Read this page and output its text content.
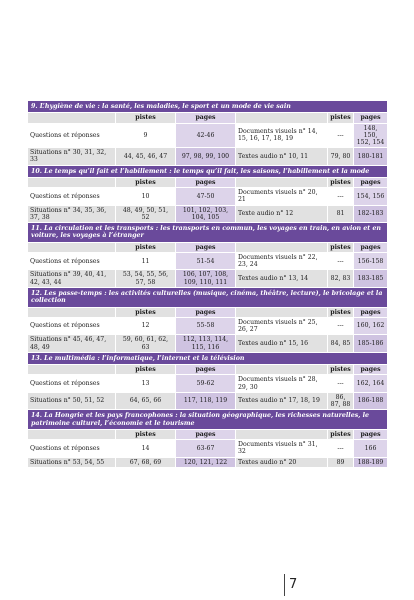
9. L’hygiène de vie : la santé, les maladies, le sport et un mode de vie sain					
	pistes	pages		pistes	pages
Questions et réponses	9	42-46	Documents visuels n° 14, 15, 16, 17, 18, 19	---	148, 150, 152, 154
Situations n° 30, 31, 32, 33	44, 45, 46, 47	97, 98, 99, 100	Textes audio n° 10, 11	79, 80	180-181
10. Le temps qu’il fait et l’habillement : le temps qu’il fait, les saisons, l’habillement et la mode					
	pistes	pages		pistes	pages
Questions et réponses	10	47-50	Documents visuels n° 20, 21	---	154, 156
Situations n° 34, 35, 36, 37, 38	48, 49, 50, 51, 52	101, 102, 103, 104, 105	Texte audio n° 12	81	182-183
11. La circulation et les transports : les transports en commun, les voyages en train, en avion et en voiture, les voyages à l’étranger					
	pistes	pages		pistes	pages
Questions et réponses	11	51-54	Documents visuels n° 22, 23, 24	---	156-158
Situations n° 39, 40, 41, 42, 43, 44	53, 54, 55, 56, 57, 58	106, 107, 108, 109, 110, 111	Textes audio n° 13, 14	82, 83	183-185
12. Les passe-temps : les activités culturelles (musique, cinéma, théâtre, lecture), le bricolage et la collection					
	pistes	pages		pistes	pages
Questions et réponses	12	55-58	Documents visuels n° 25, 26, 27	---	160, 162
Situations n° 45, 46, 47, 48, 49	59, 60, 61, 62, 63	112, 113, 114, 115, 116	Textes audio n° 15, 16	84, 85	185-186
13. Le multimédia : l’informatique, l’internet et la télévision					
	pistes	pages		pistes	pages
Questions et réponses	13	59-62	Documents visuels n° 28, 29, 30	---	162, 164
Situations n° 50, 51, 52	64, 65, 66	117, 118, 119	Textes audio n° 17, 18, 19	86, 87, 88	186-188
14. La Hongrie et les pays francophones : la situation géographique, les richesses naturelles, le patrimoine culturel, l’économie et le tourisme					
	pistes	pages		pistes	pages
Questions et réponses	14	63-67	Documents visuels n° 31, 32	---	166
Situations n° 53, 54, 55	67, 68, 69	120, 121, 122	Textes audio n° 20	89	188-189
7
